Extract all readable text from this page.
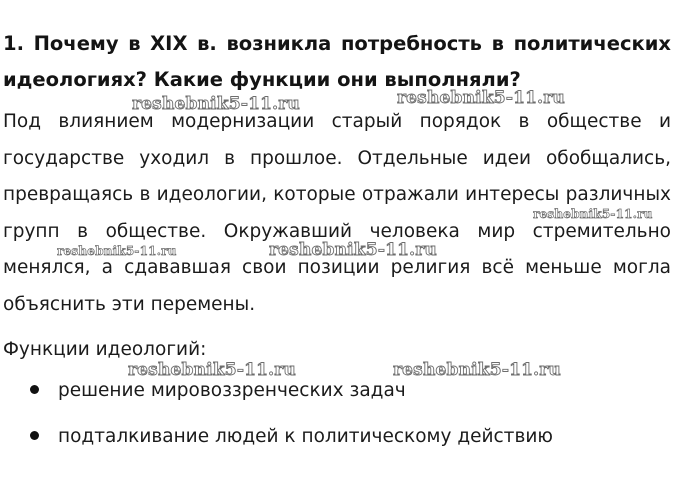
1. Почему в XIX в. возникла потребность в политических идеологиях? Какие функции они выполняли?

Под влиянием модернизации старый порядок в обществе и государстве уходил в прошлое. Отдельные идеи обобщались, превращаясь в идеологии, которые отражали интересы различных групп в обществе. Окружавший человека мир стремительно менялся, а сдававшая свои позиции религия всё меньше могла объяснить эти перемены.

Функции идеологий:

решение мировоззренческих задач
подталкивание людей к политическому действию
reshebnik5-11.ru	reshebnik5-11.ru
reshebnik5-11.ru
reshebnik5-11.ru	reshebnik5-11.ru
reshebnik5-11.ru	reshebnik5-11.ru
